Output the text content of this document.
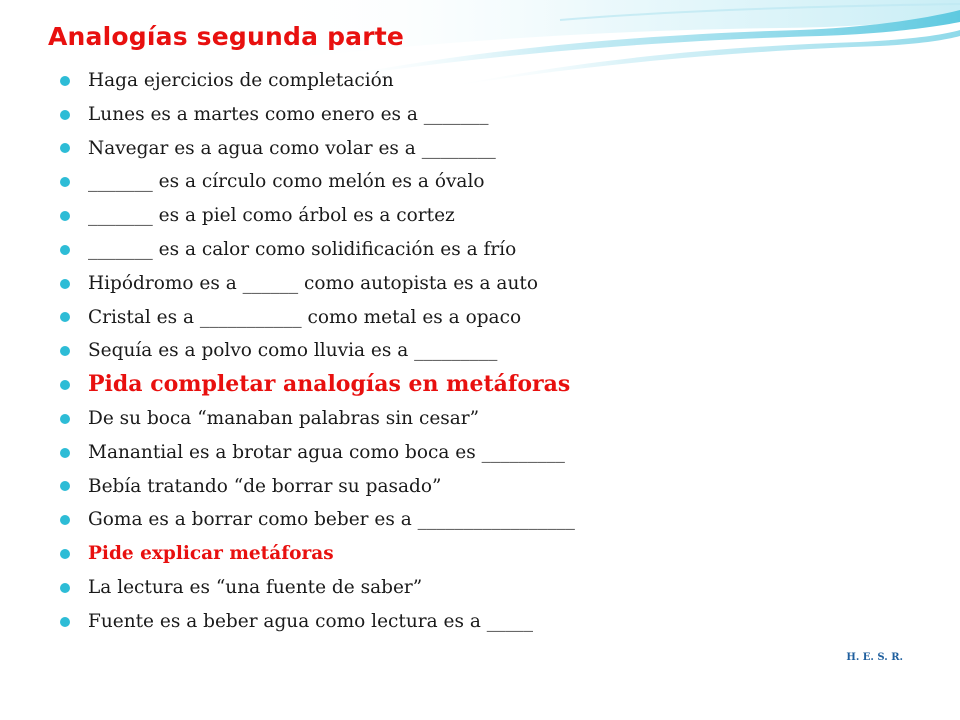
Analogías segunda parte
Haga ejercicios de completación
Lunes es a martes como enero es a _______
Navegar es a agua como volar es a ________
_______ es a círculo como melón es a óvalo
_______ es a piel como árbol es a cortez
_______ es a calor como solidificación es a frío
Hipódromo es a ______ como autopista es a auto
Cristal es a ___________ como metal es a opaco
Sequía es a polvo como lluvia es a _________
Pida completar analogías en metáforas
De su boca “manaban palabras sin cesar”
Manantial es a brotar agua como boca es _________
Bebía tratando “de borrar su pasado”
Goma es a borrar como beber es a _________________
Pide explicar metáforas
La lectura es “una fuente de saber”
Fuente es a beber agua como lectura es a _____
H. E. S. R.
